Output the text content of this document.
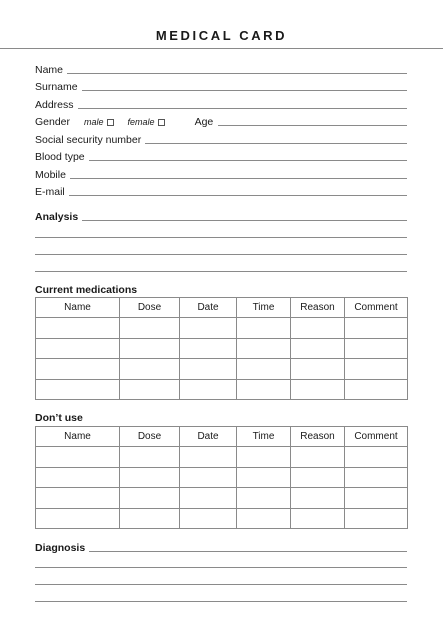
MEDICAL CARD
Name
Surname
Address
Gender male	female	Age
Social security number
Blood type
Mobile
E-mail
Analysis
Current medications
Name	Dose	Date	Time	Reason	Comment

Don’t use
Name	Dose	Date	Time	Reason	Comment

Diagnosis
